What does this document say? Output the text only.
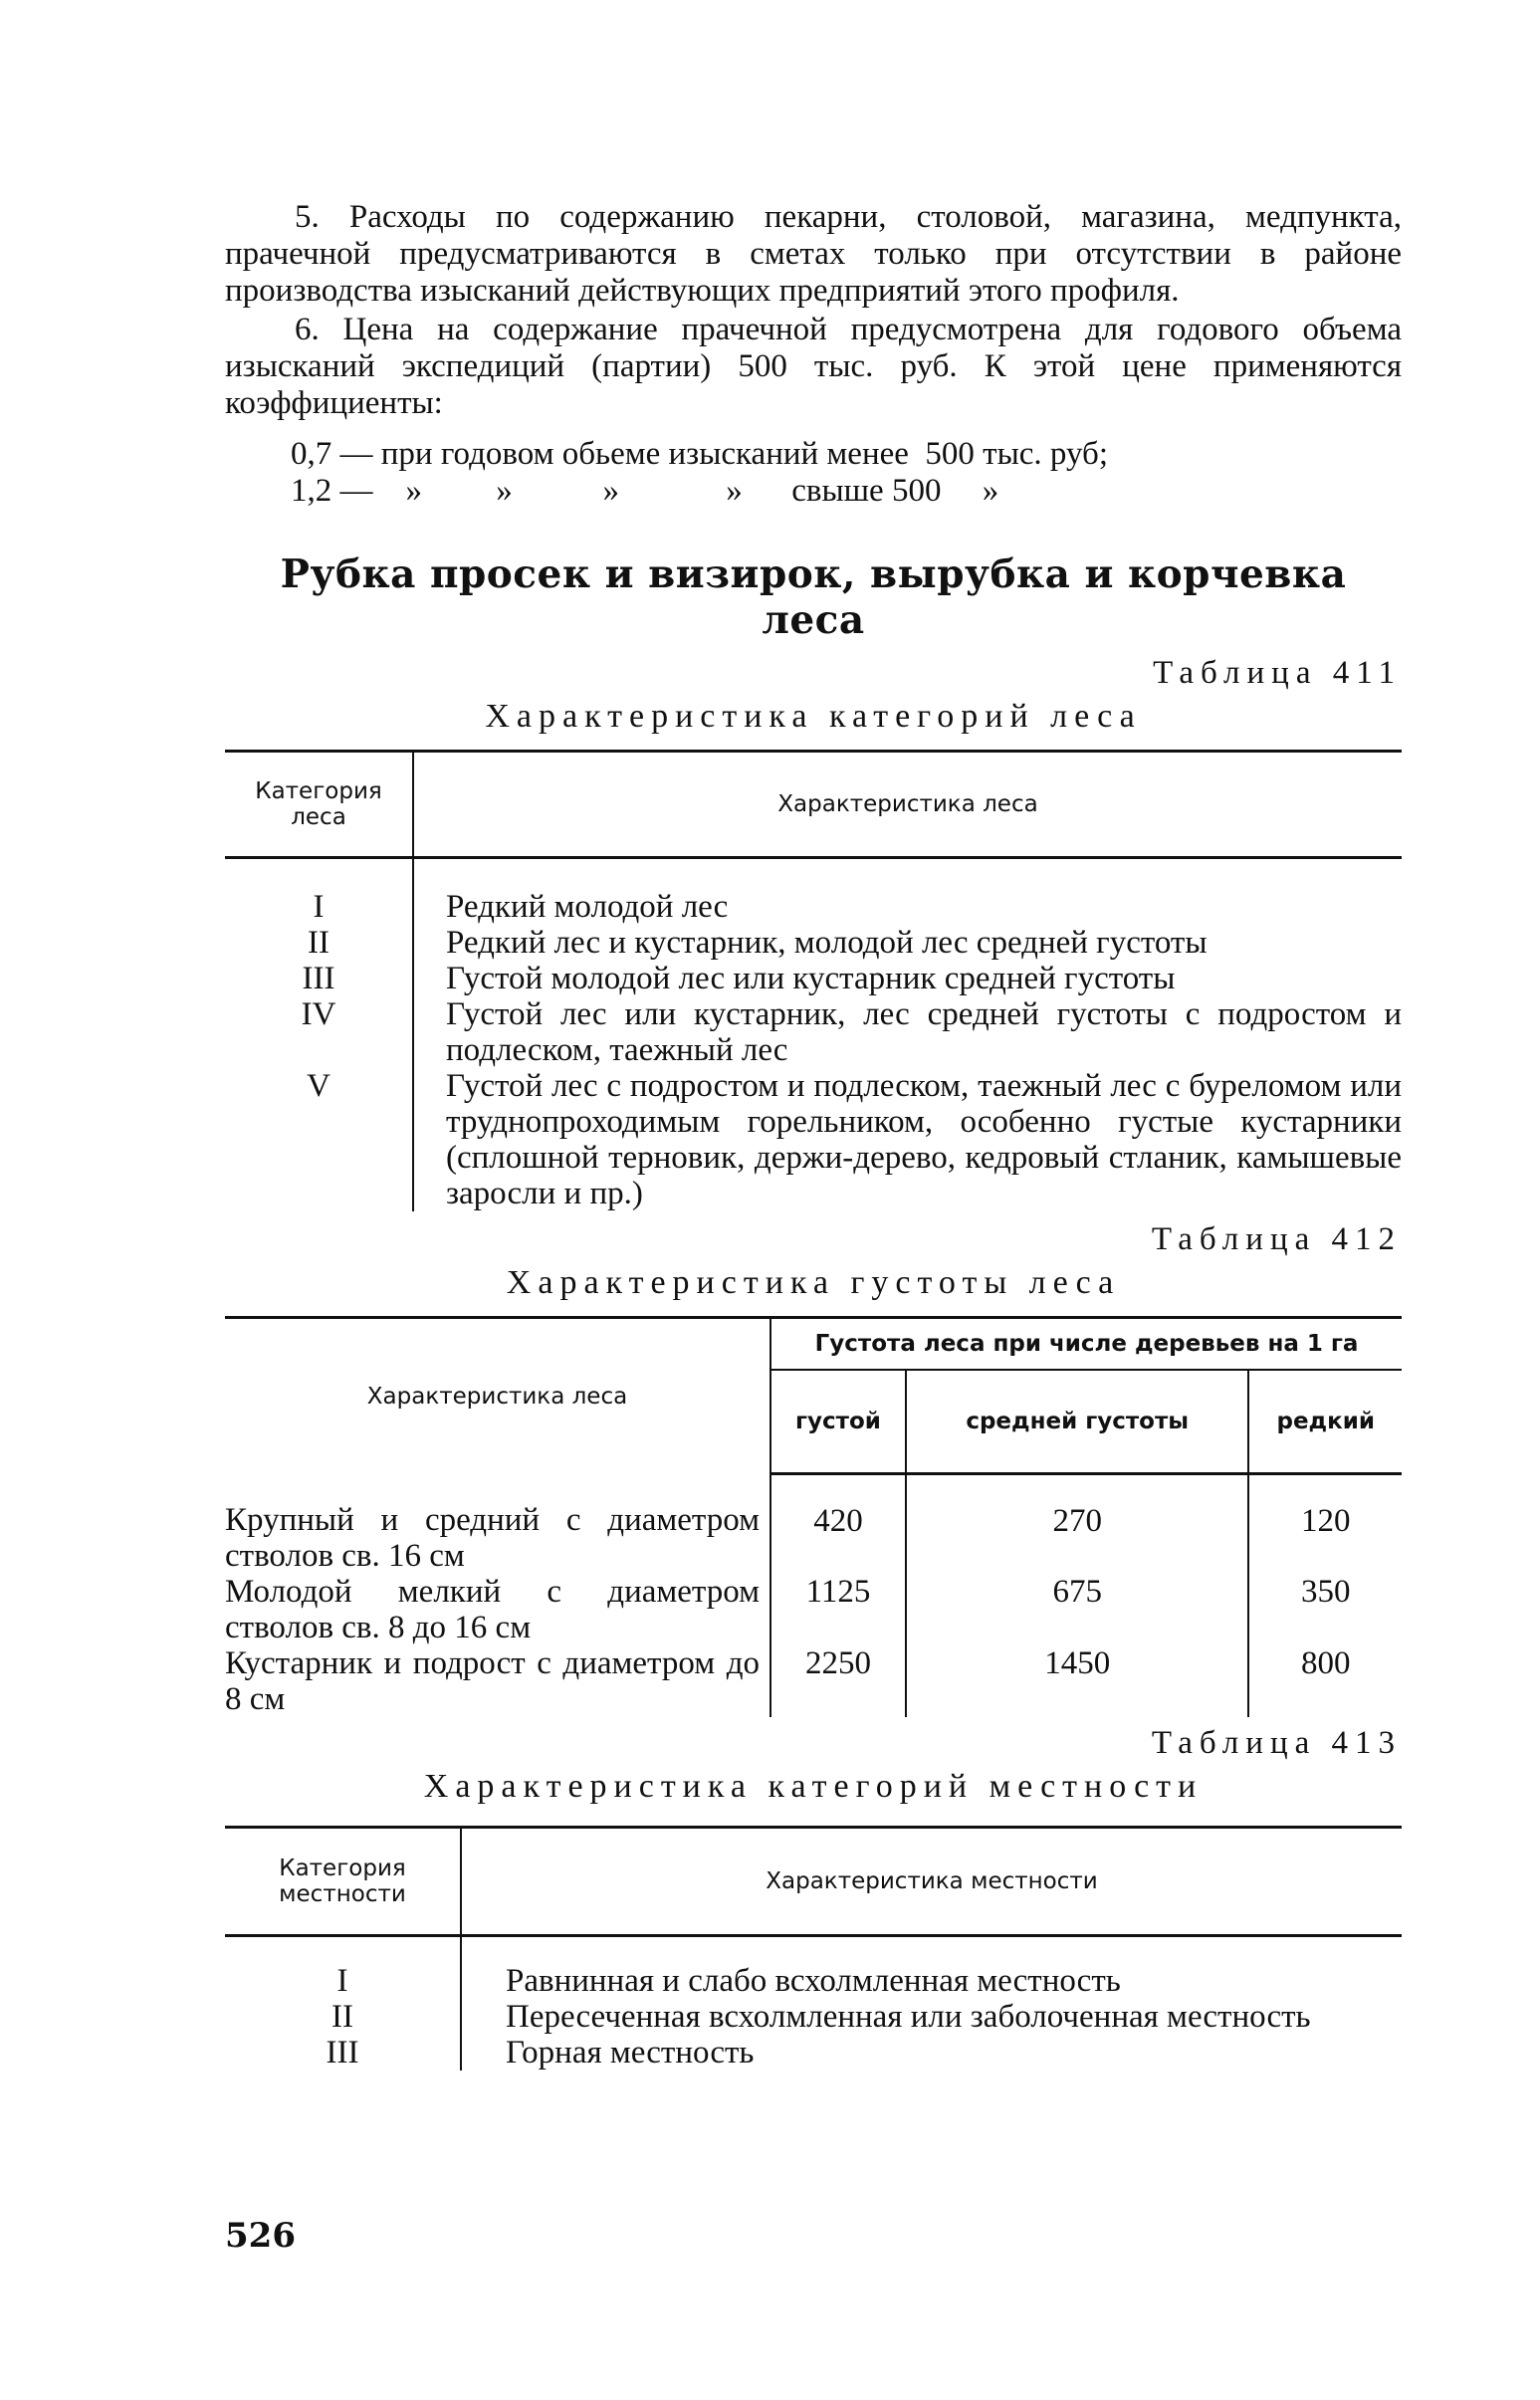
5. Расходы по содержанию пекарни, столовой, магазина, медпункта, прачечной предусматриваются в сметах только при отсутствии в районе производства изысканий действующих предприятий этого профиля.

6. Цена на содержание прачечной предусмотрена для годового объема изысканий экспедиций (партии) 500 тыс. руб. К этой цене применяются коэффициенты:

0,7 — при годовом обьеме изысканий менее  500 тыс. руб;
1,2 —    »         »           »             »      свыше 500     »
Рубка просек и визирок, вырубка и корчевка леса
Таблица 411
Характеристика категорий леса
Категория леса	Характеристика леса
I	Редкий молодой лес
II	Редкий лес и кустарник, молодой лес средней густоты
III	Густой молодой лес или кустарник средней густоты
IV	Густой лес или кустарник, лес средней густоты с подростом и подлеском, таежный лес
V	Густой лес с подростом и подлеском, таежный лес с буреломом или труднопроходимым горельником, особенно густые кустарники (сплошной терновик, держи-дерево, кедровый стланик, камышевые заросли и пр.)
Таблица 412
Характеристика густоты леса
Характеристика леса	Густота леса при числе деревьев на 1 га		
	густой	средней густоты	редкий
Крупный и средний с диаметром стволов св. 16 см	420	270	120
Молодой мелкий с диаметром стволов св. 8 до 16 см	1125	675	350
Кустарник и подрост с диаметром до 8 см	2250	1450	800
Таблица 413
Характеристика категорий местности
Категория местности	Характеристика местности
I	Равнинная и слабо всхолмленная местность
II	Пересеченная всхолмленная или заболоченная местность
III	Горная местность
526
